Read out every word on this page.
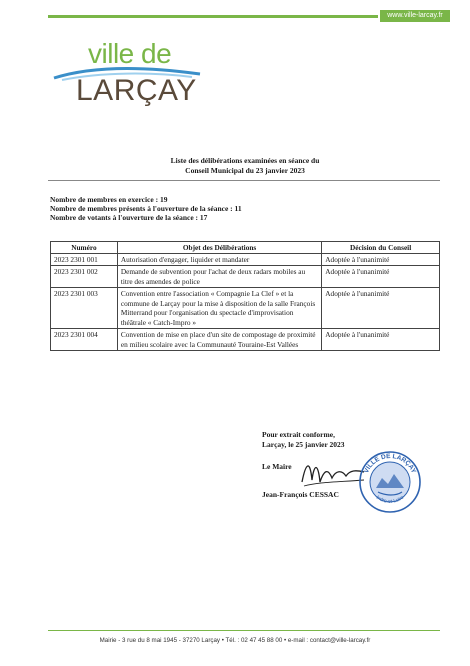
www.ville-larcay.fr
ville de
LARÇAY
Liste des délibérations examinées en séance du
Conseil Municipal du 23 janvier 2023
Nombre de membres en exercice : 19
Nombre de membres présents à l'ouverture de la séance : 11
Nombre de votants à l'ouverture de la séance : 17
Numéro	Objet des Délibérations	Décision du Conseil
2023 2301 001	Autorisation d'engager, liquider et mandater	Adoptée à l'unanimité
2023 2301 002	Demande de subvention pour l'achat de deux radars mobiles au titre des amendes de police	Adoptée à l'unanimité
2023 2301 003	Convention entre l'association « Compagnie La Clef » et la commune de Larçay pour la mise à disposition de la salle François Mitterrand pour l'organisation du spectacle d'improvisation théâtrale « Catch-Impro »	Adoptée à l'unanimité
2023 2301 004	Convention de mise en place d'un site de compostage de proximité en milieu scolaire avec la Communauté Touraine-Est Vallées	Adoptée à l'unanimité
Pour extrait conforme,
Larçay, le 25 janvier 2023
Le Maire
Jean-François CESSAC
VILLE DE LARÇAY
Indre-et-Loire
Mairie - 3 rue du 8 mai 1945 - 37270 Larçay • Tél. : 02 47 45 88 00 • e-mail : contact@ville-larcay.fr
